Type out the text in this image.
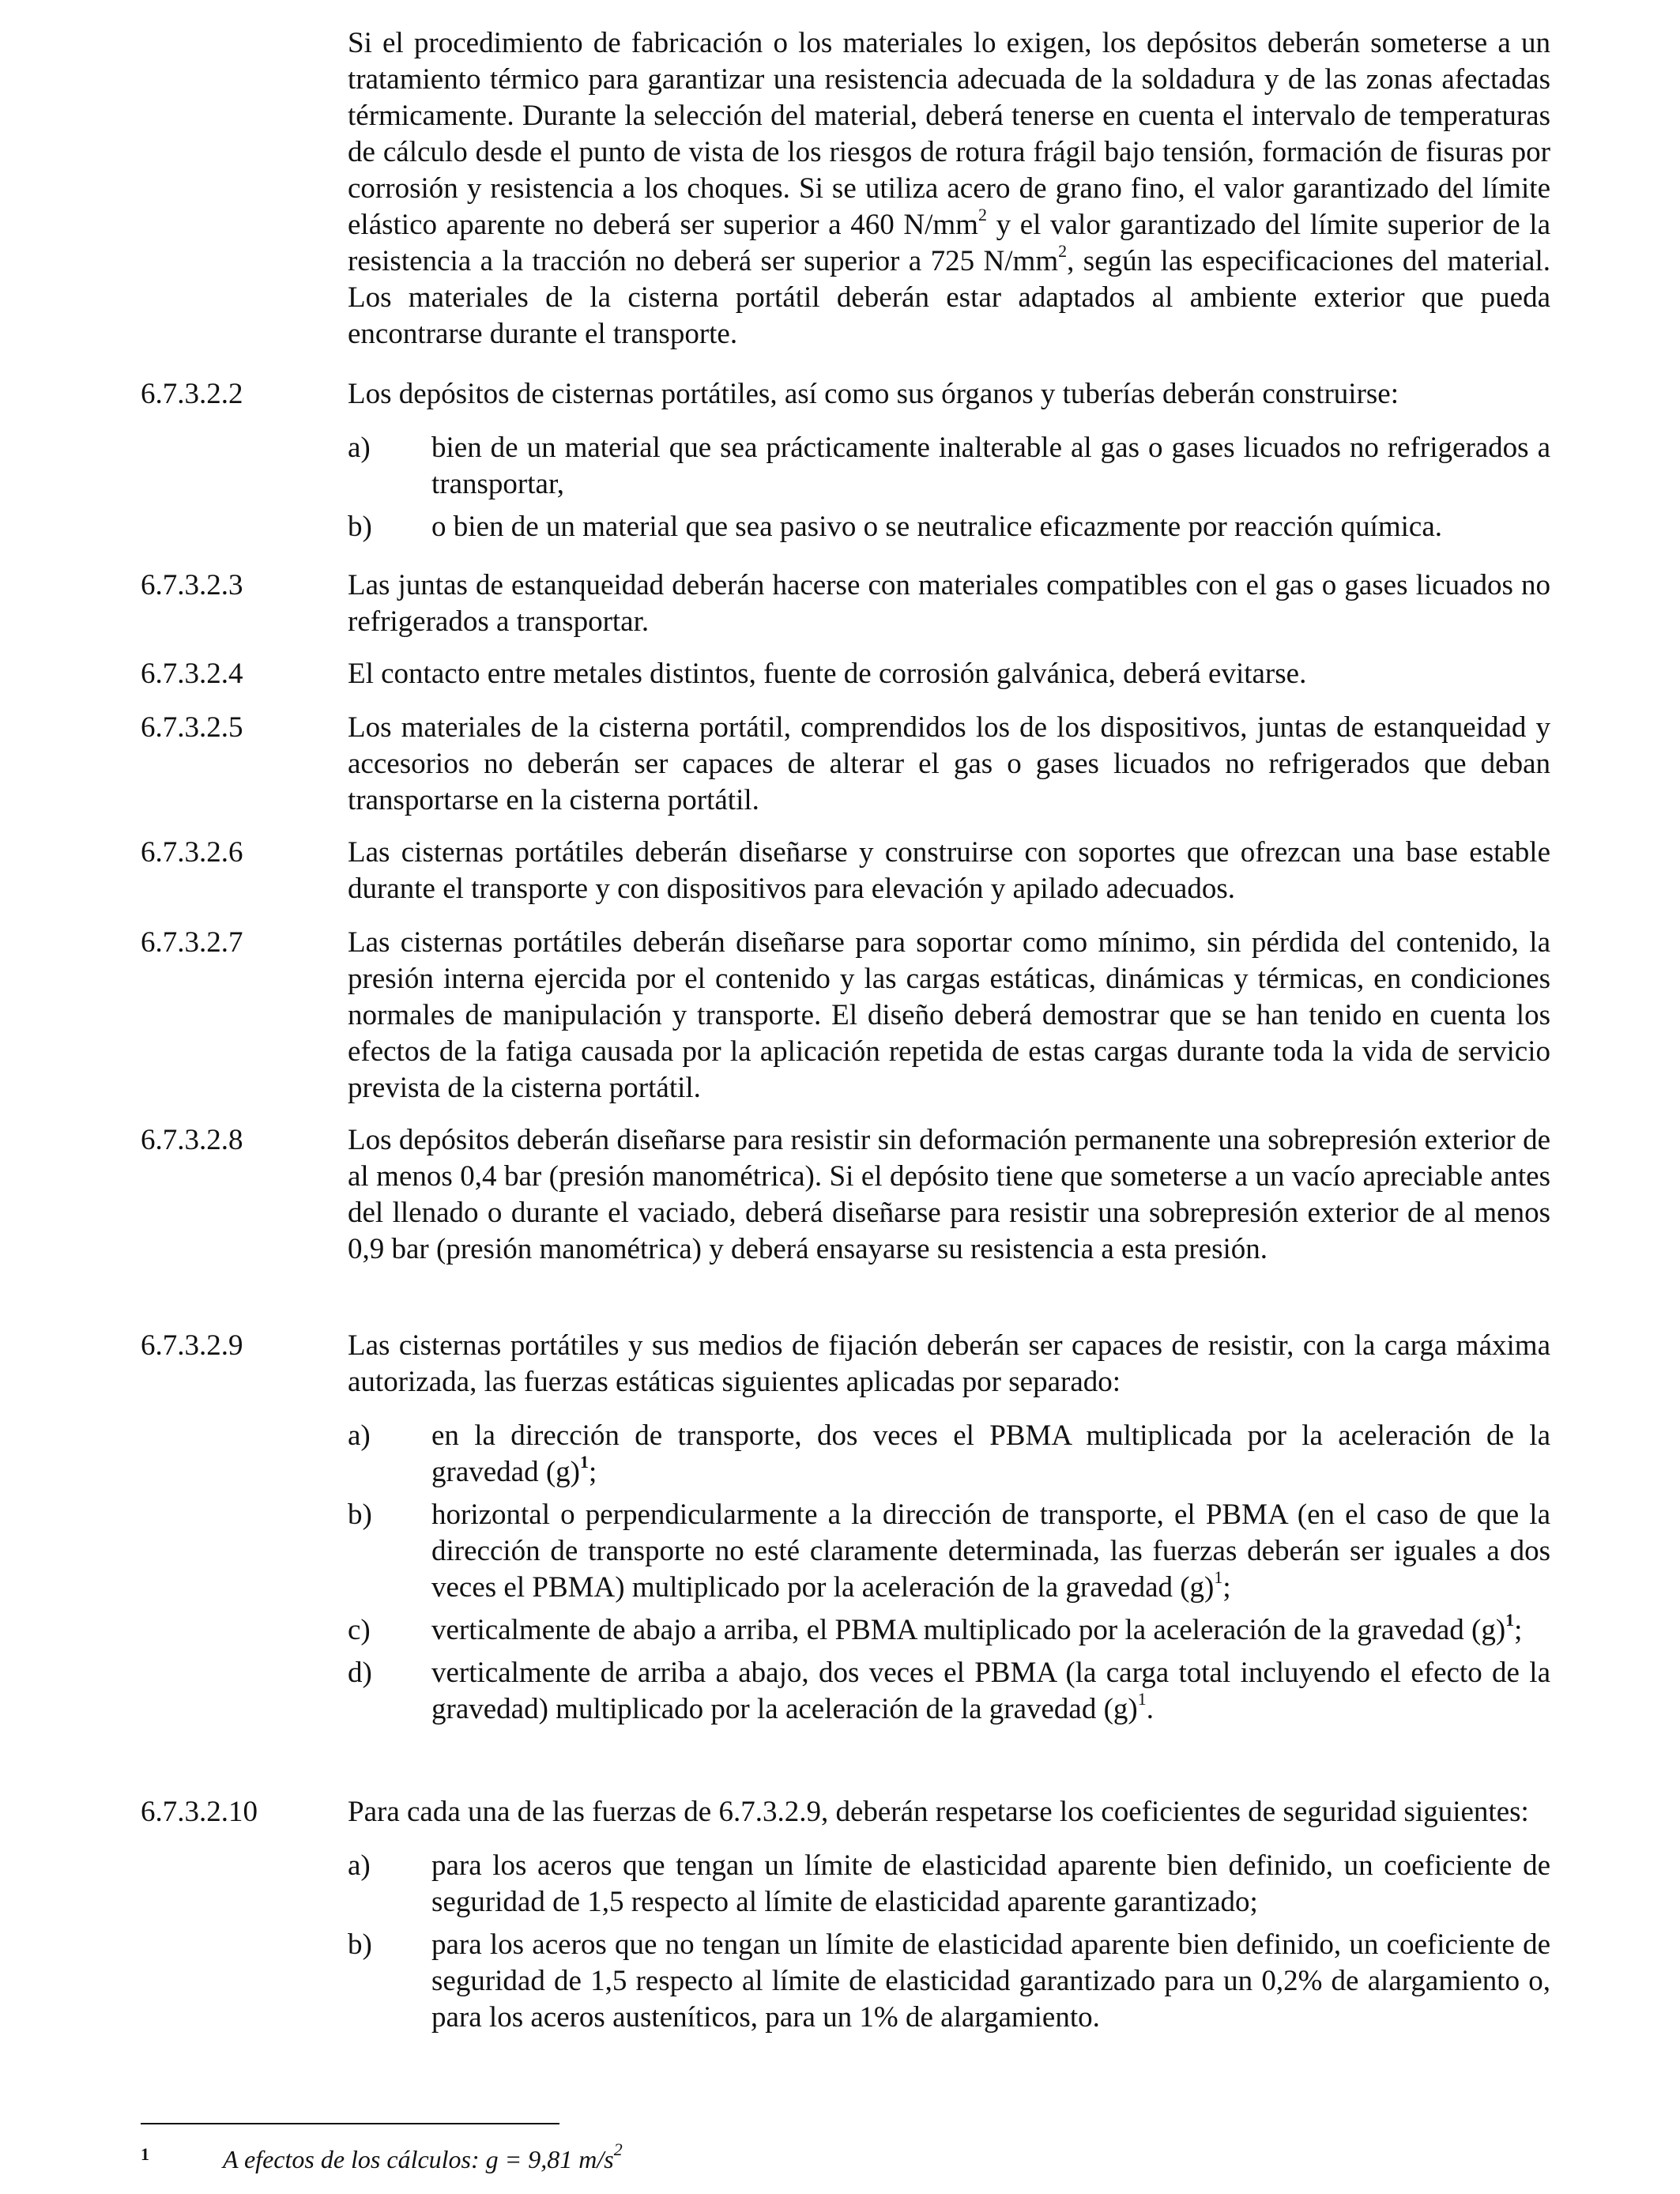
Si el procedimiento de fabricación o los materiales lo exigen, los depósitos deberán someterse a un tratamiento térmico para garantizar una resistencia adecuada de la soldadura y de las zonas afectadas térmicamente. Durante la selección del material, deberá tenerse en cuenta el intervalo de temperaturas de cálculo desde el punto de vista de los riesgos de rotura frágil bajo tensión, formación de fisuras por corrosión y resistencia a los choques. Si se utiliza acero de grano fino, el valor garantizado del límite elástico aparente no deberá ser superior a 460 $N/mm^2$ y el valor garantizado del límite superior de la resistencia a la tracción no deberá ser superior a 725 $N/mm^2$, según las especificaciones del material. Los materiales de la cisterna portátil deberán estar adaptados al ambiente exterior que pueda encontrarse durante el transporte.
6.7.3.2.2	Los depósitos de cisternas portátiles, así como sus órganos y tuberías deberán construirse:
a)	bien de un material que sea prácticamente inalterable al gas o gases licuados no refrigerados a transportar,
b)	o bien de un material que sea pasivo o se neutralice eficazmente por reacción química.
6.7.3.2.3	Las juntas de estanqueidad deberán hacerse con materiales compatibles con el gas o gases licuados no refrigerados a transportar.
6.7.3.2.4	El contacto entre metales distintos, fuente de corrosión galvánica, deberá evitarse.
6.7.3.2.5	Los materiales de la cisterna portátil, comprendidos los de los dispositivos, juntas de estanqueidad y accesorios no deberán ser capaces de alterar el gas o gases licuados no refrigerados que deban transportarse en la cisterna portátil.
6.7.3.2.6	Las cisternas portátiles deberán diseñarse y construirse con soportes que ofrezcan una base estable durante el transporte y con dispositivos para elevación y apilado adecuados.
6.7.3.2.7	Las cisternas portátiles deberán diseñarse para soportar como mínimo, sin pérdida del contenido, la presión interna ejercida por el contenido y las cargas estáticas, dinámicas y térmicas, en condiciones normales de manipulación y transporte. El diseño deberá demostrar que se han tenido en cuenta los efectos de la fatiga causada por la aplicación repetida de estas cargas durante toda la vida de servicio prevista de la cisterna portátil.
6.7.3.2.8	Los depósitos deberán diseñarse para resistir sin deformación permanente una sobrepresión exterior de al menos 0,4 bar (presión manométrica). Si el depósito tiene que someterse a un vacío apreciable antes del llenado o durante el vaciado, deberá diseñarse para resistir una sobrepresión exterior de al menos 0,9 bar (presión manométrica) y deberá ensayarse su resistencia a esta presión.
6.7.3.2.9	Las cisternas portátiles y sus medios de fijación deberán ser capaces de resistir, con la carga máxima autorizada, las fuerzas estáticas siguientes aplicadas por separado:
a)	en la dirección de transporte, dos veces el PBMA multiplicada por la aceleración de la gravedad $(g)^1$;
b)	horizontal o perpendicularmente a la dirección de transporte, el PBMA (en el caso de que la dirección de transporte no esté claramente determinada, las fuerzas deberán ser iguales a dos veces el PBMA) multiplicado por la aceleración de la gravedad $(g)^1$;
c)	verticalmente de abajo a arriba, el PBMA multiplicado por la aceleración de la gravedad $(g)^1$;
d)	verticalmente de arriba a abajo, dos veces el PBMA (la carga total incluyendo el efecto de la gravedad) multiplicado por la aceleración de la gravedad $(g)^1$.
6.7.3.2.10	Para cada una de las fuerzas de 6.7.3.2.9, deberán respetarse los coeficientes de seguridad siguientes:
a)	para los aceros que tengan un límite de elasticidad aparente bien definido, un coeficiente de seguridad de 1,5 respecto al límite de elasticidad aparente garantizado;
b)	para los aceros que no tengan un límite de elasticidad aparente bien definido, un coeficiente de seguridad de 1,5 respecto al límite de elasticidad garantizado para un 0,2% de alargamiento o, para los aceros austeníticos, para un 1% de alargamiento.
1	A efectos de los cálculos: g = 9,81 $m/s^2$
